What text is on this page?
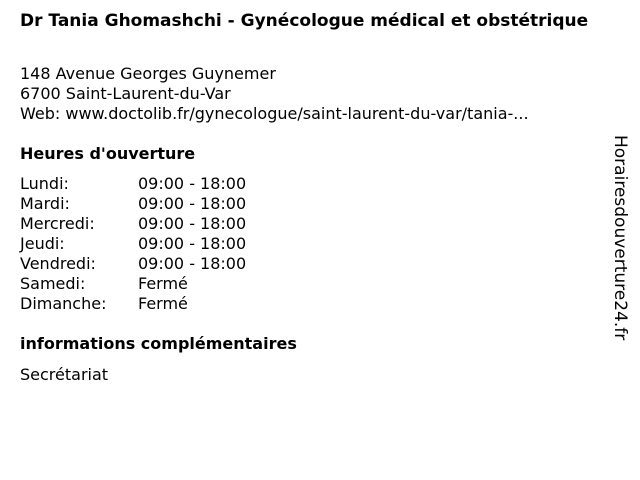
Dr Tania Ghomashchi - Gynécologue médical et obstétrique
148 Avenue Georges Guynemer
6700 Saint-Laurent-du-Var
Web: www.doctolib.fr/gynecologue/saint-laurent-du-var/tania-...
Heures d'ouverture
Lundi:	09:00 - 18:00
Mardi:	09:00 - 18:00
Mercredi:	09:00 - 18:00
Jeudi:	09:00 - 18:00
Vendredi:	09:00 - 18:00
Samedi:	Fermé
Dimanche:	Fermé
informations complémentaires
Secrétariat
Horairesdouverture24.fr
